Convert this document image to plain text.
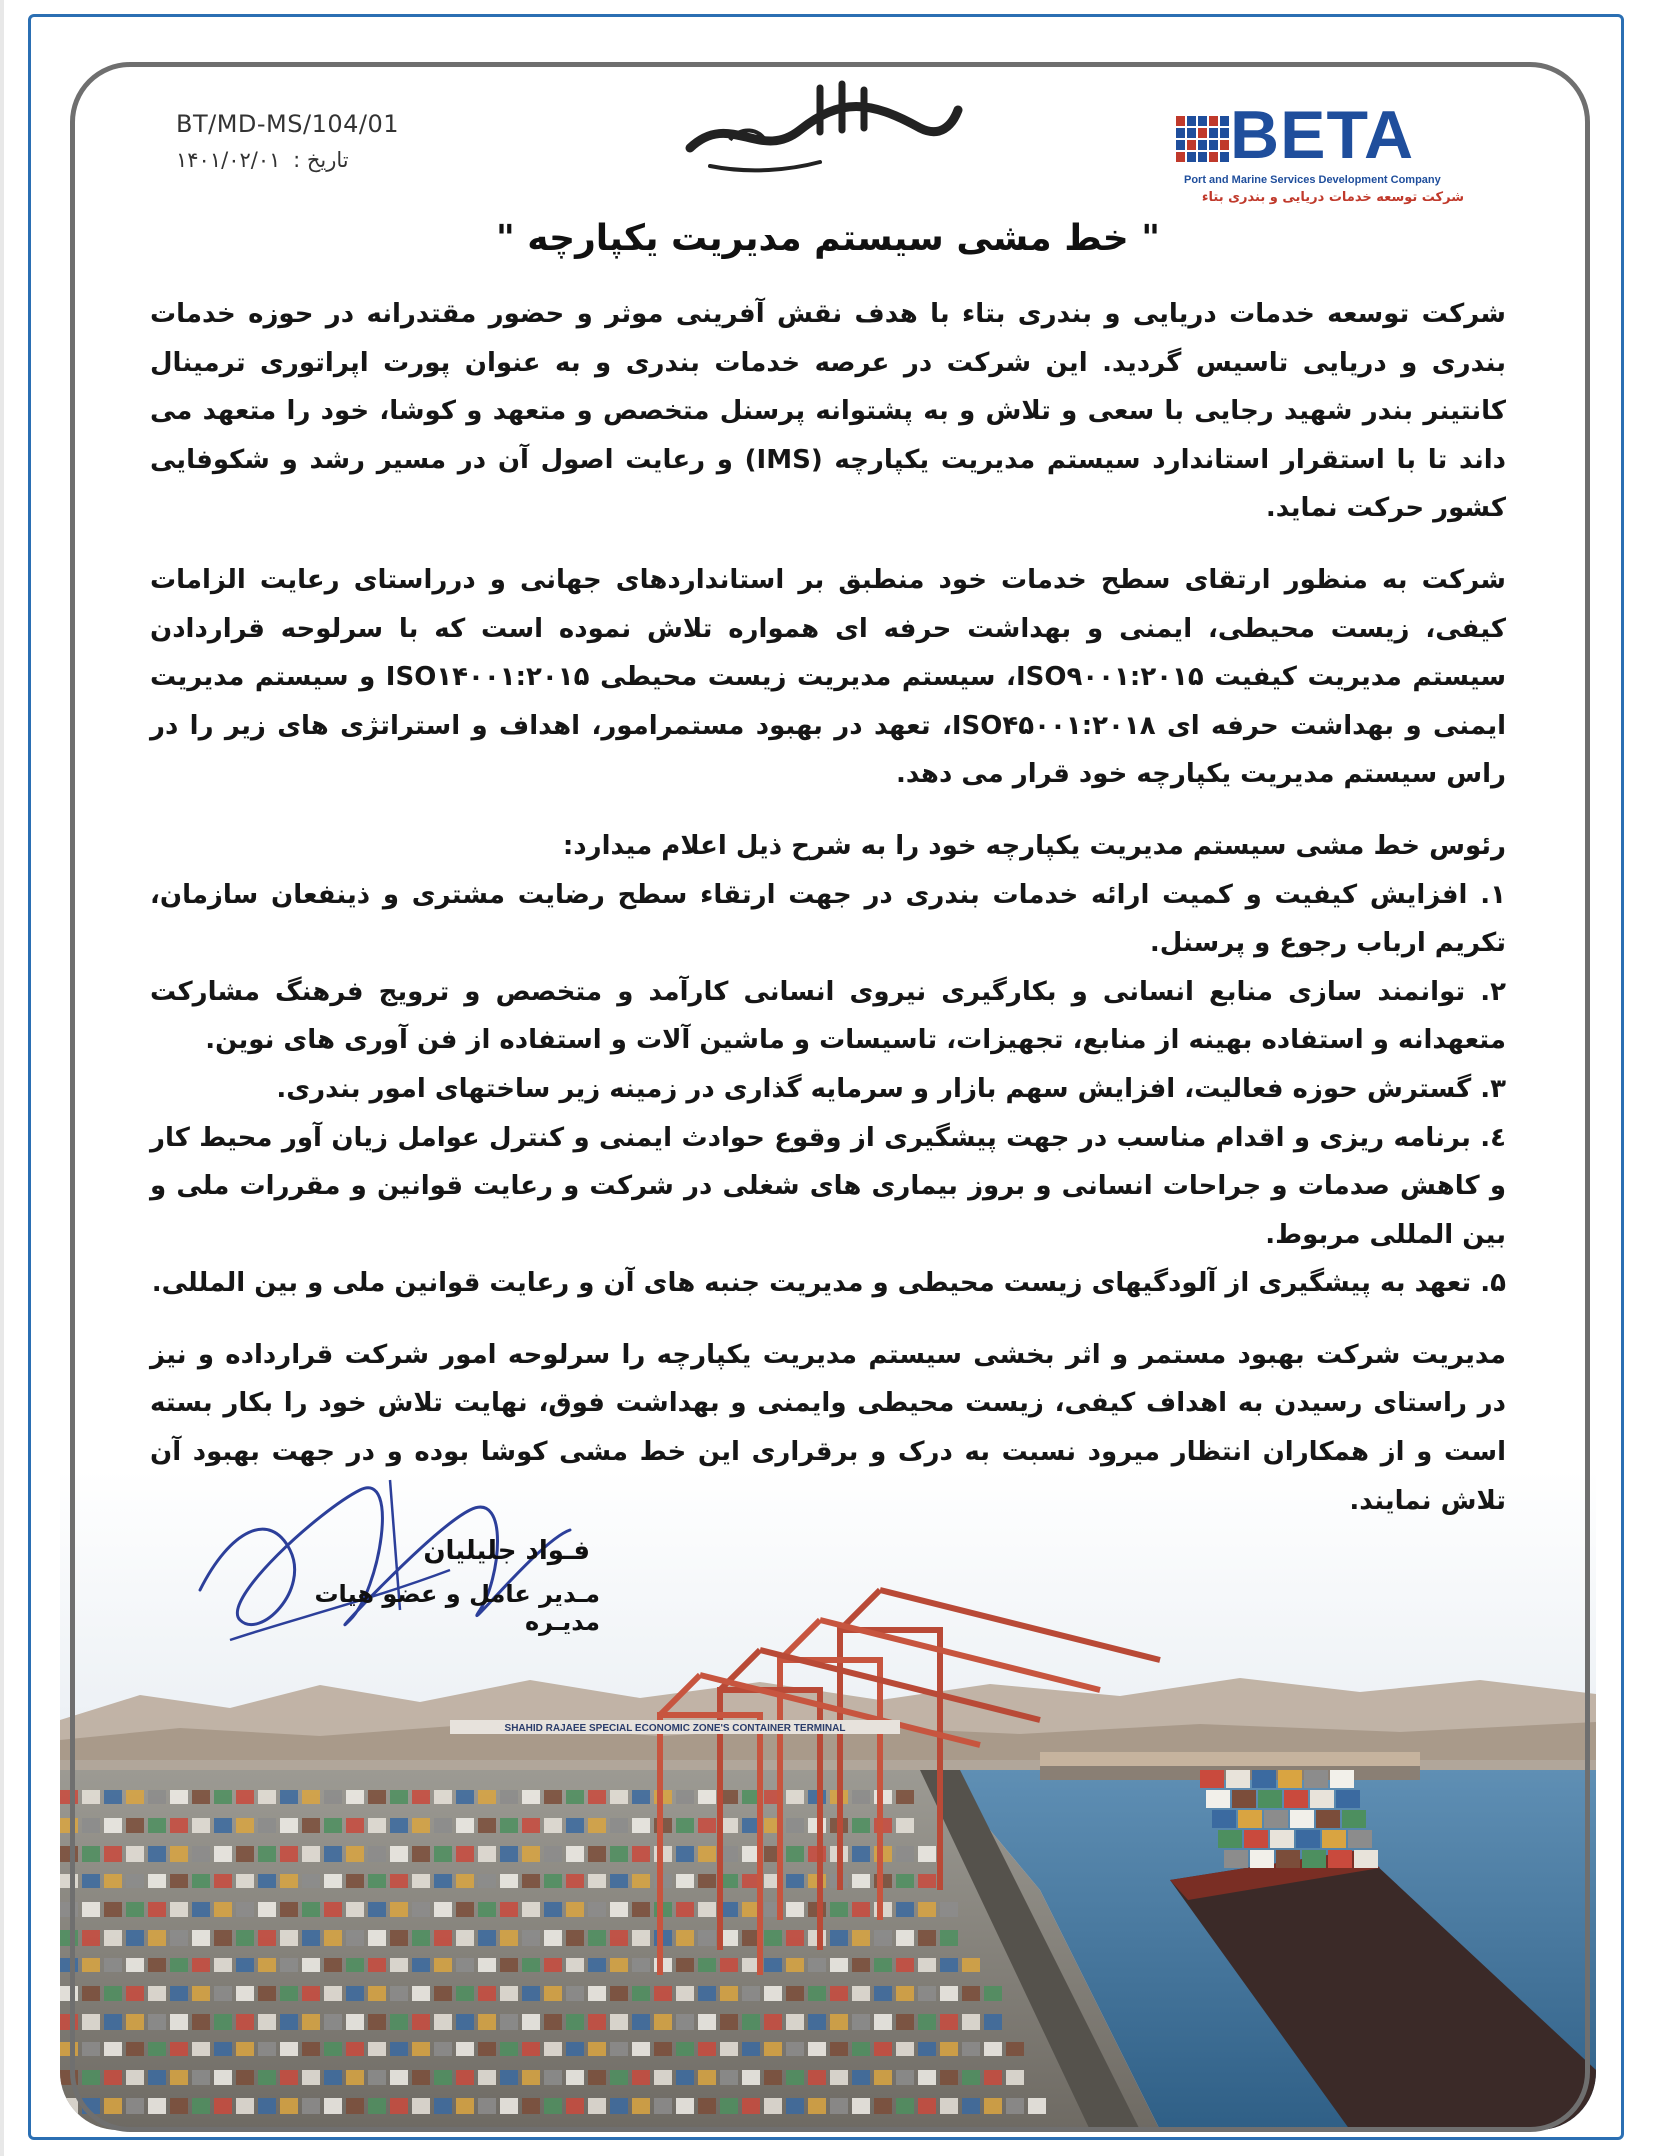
SHAHID RAJAEE SPECIAL ECONOMIC ZONE'S CONTAINER TERMINAL
BT/MD-MS/104/01
تاریخ : ۱۴۰۱/۰۲/۰۱	BETA
Port and Marine Services Development Company
شرکت توسعه خدمات دریایی و بندری بتاء
" خط مشی سیستم مدیریت یکپارچه "

شرکت توسعه خدمات دریایی و بندری بتاء با هدف نقش آفرینی موثر و حضور مقتدرانه در حوزه خدمات بندری و دریایی تاسیس گردید. این شرکت در عرصه خدمات بندری و به عنوان پورت اپراتوری ترمینال کانتینر بندر شهید رجایی با سعی و تلاش و به پشتوانه پرسنل متخصص و متعهد و کوشا، خود را متعهد می داند تا با استقرار استاندارد سیستم مدیریت یکپارچه (IMS) و رعایت اصول آن در مسیر رشد و شکوفایی کشور حرکت نماید.

شرکت به منظور ارتقای سطح خدمات خود منطبق بر استانداردهای جهانی و درراستای رعایت الزامات کیفی، زیست محیطی، ایمنی و بهداشت حرفه ای همواره تلاش نموده است که با سرلوحه قراردادن سیستم مدیریت کیفیت ISO۹۰۰۱:۲۰۱۵، سیستم مدیریت زیست محیطی ISO۱۴۰۰۱:۲۰۱۵ و سیستم مدیریت ایمنی و بهداشت حرفه ای ISO۴۵۰۰۱:۲۰۱۸، تعهد در بهبود مستمرامور، اهداف و استراتژی های زیر را در راس سیستم مدیریت یکپارچه خود قرار می دهد.

رئوس خط مشی سیستم مدیریت یکپارچه خود را به شرح ذیل اعلام میدارد:

۱. افزایش کیفیت و کمیت ارائه خدمات بندری در جهت ارتقاء سطح رضایت مشتری و ذینفعان سازمان، تکریم ارباب رجوع و پرسنل.
۲. توانمند سازی منابع انسانی و بکارگیری نیروی انسانی کارآمد و متخصص و ترویج فرهنگ مشارکت متعهدانه و استفاده بهینه از منابع، تجهیزات، تاسیسات و ماشین آلات و استفاده از فن آوری های نوین.
۳. گسترش حوزه فعالیت، افزایش سهم بازار و سرمایه گذاری در زمینه زیر ساختهای امور بندری.
٤. برنامه ریزی و اقدام مناسب در جهت پیشگیری از وقوع حوادث ایمنی و کنترل عوامل زیان آور محیط کار و کاهش صدمات و جراحات انسانی و بروز بیماری های شغلی در شرکت و رعایت قوانین و مقررات ملی و بین المللی مربوط.
۵. تعهد به پیشگیری از آلودگیهای زیست محیطی و مدیریت جنبه های آن و رعایت قوانین ملی و بین المللی.

مدیریت شرکت بهبود مستمر و اثر بخشی سیستم مدیریت یکپارچه را سرلوحه امور شرکت قرارداده و نیز در راستای رسیدن به اهداف کیفی، زیست محیطی وایمنی و بهداشت فوق، نهایت تلاش خود را بکار بسته است و از همکاران انتظار میرود نسبت به درک و برقراری این خط مشی کوشا بوده و در جهت بهبود آن تلاش نمایند.

فـواد جلیلیان
مـدیر عامل و عضو هیات مدیـره
